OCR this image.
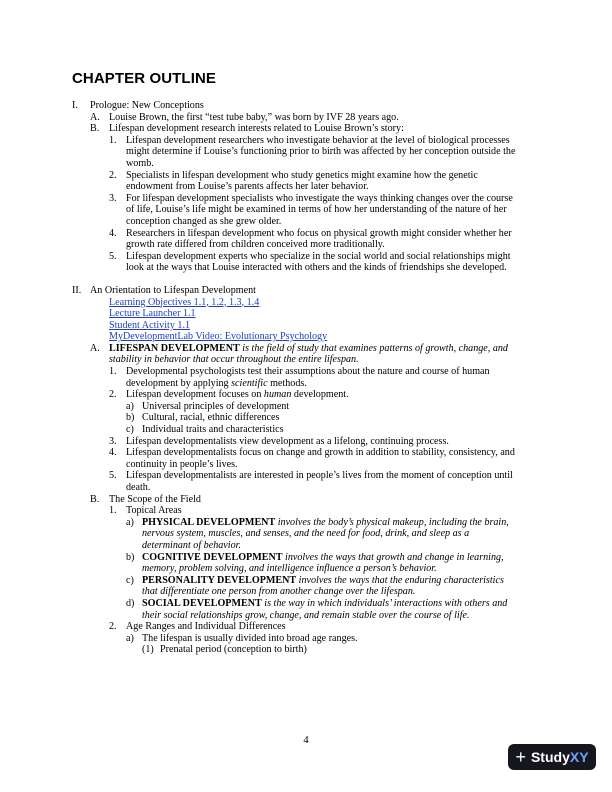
CHAPTER OUTLINE
I. Prologue: New Conceptions
A. Louise Brown, the first “test tube baby,” was born by IVF 28 years ago.
B. Lifespan development research interests related to Louise Brown’s story:
1. Lifespan development researchers who investigate behavior at the level of biological processes
might determine if Louise’s functioning prior to birth was affected by her conception outside the
womb.
2. Specialists in lifespan development who study genetics might examine how the genetic
endowment from Louise’s parents affects her later behavior.
3. For lifespan development specialists who investigate the ways thinking changes over the course
of life, Louise’s life might be examined in terms of how her understanding of the nature of her
conception changed as she grew older.
4. Researchers in lifespan development who focus on physical growth might consider whether her
growth rate differed from children conceived more traditionally.
5. Lifespan development experts who specialize in the social world and social relationships might
look at the ways that Louise interacted with others and the kinds of friendships she developed.
II. An Orientation to Lifespan Development
Learning Objectives 1.1, 1.2, 1.3, 1.4
Lecture Launcher 1.1
Student Activity 1.1
MyDevelopmentLab Video: Evolutionary Psychology
A. LIFESPAN DEVELOPMENT is the field of study that examines patterns of growth, change, and
stability in behavior that occur throughout the entire lifespan.
1. Developmental psychologists test their assumptions about the nature and course of human
development by applying scientific methods.
2. Lifespan development focuses on human development.
a) Universal principles of development
b) Cultural, racial, ethnic differences
c) Individual traits and characteristics
3. Lifespan developmentalists view development as a lifelong, continuing process.
4. Lifespan developmentalists focus on change and growth in addition to stability, consistency, and
continuity in people’s lives.
5. Lifespan developmentalists are interested in people’s lives from the moment of conception until
death.
B. The Scope of the Field
1. Topical Areas
a) PHYSICAL DEVELOPMENT involves the body’s physical makeup, including the brain,
nervous system, muscles, and senses, and the need for food, drink, and sleep as a
determinant of behavior.
b) COGNITIVE DEVELOPMENT involves the ways that growth and change in learning,
memory, problem solving, and intelligence influence a person’s behavior.
c) PERSONALITY DEVELOPMENT involves the ways that the enduring characteristics
that differentiate one person from another change over the lifespan.
d) SOCIAL DEVELOPMENT is the way in which individuals’ interactions with others and
their social relationships grow, change, and remain stable over the course of life.
2. Age Ranges and Individual Differences
a) The lifespan is usually divided into broad age ranges.
(1) Prenatal period (conception to birth)
4
+ Study XY
